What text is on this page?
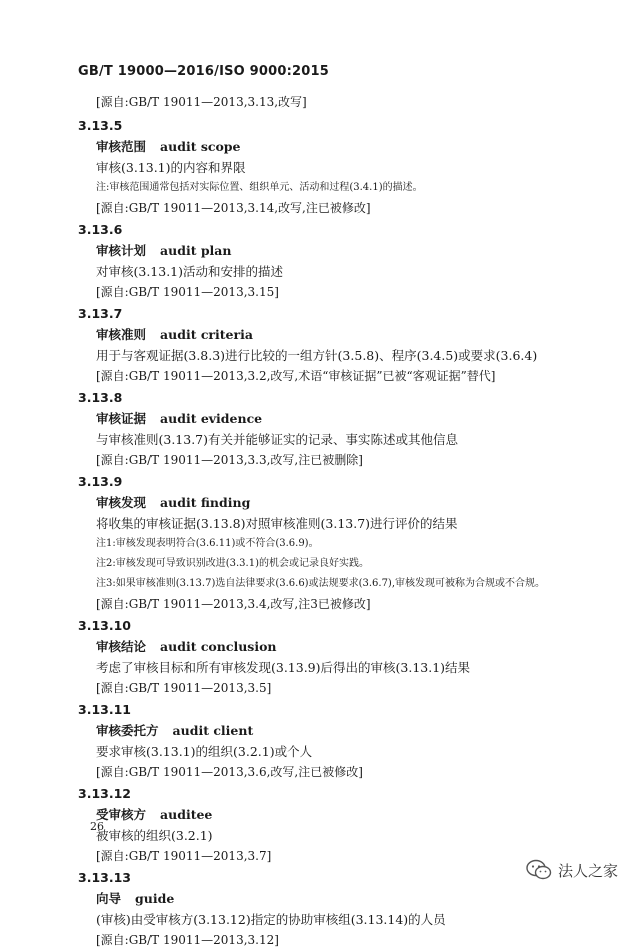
GB/T 19000—2016/ISO 9000:2015
[源自:GB/T 19011—2013,3.13,改写]
3.13.5
审核范围 audit scope
审核(3.13.1)的内容和界限
注:审核范围通常包括对实际位置、组织单元、活动和过程(3.4.1)的描述。
[源自:GB/T 19011—2013,3.14,改写,注已被修改]
3.13.6
审核计划 audit plan
对审核(3.13.1)活动和安排的描述
[源自:GB/T 19011—2013,3.15]
3.13.7
审核准则 audit criteria
用于与客观证据(3.8.3)进行比较的一组方针(3.5.8)、程序(3.4.5)或要求(3.6.4)
[源自:GB/T 19011—2013,3.2,改写,术语“审核证据”已被“客观证据”替代]
3.13.8
审核证据 audit evidence
与审核准则(3.13.7)有关并能够证实的记录、事实陈述或其他信息
[源自:GB/T 19011—2013,3.3,改写,注已被删除]
3.13.9
审核发现 audit finding
将收集的审核证据(3.13.8)对照审核准则(3.13.7)进行评价的结果
注1:审核发现表明符合(3.6.11)或不符合(3.6.9)。
注2:审核发现可导致识别改进(3.3.1)的机会或记录良好实践。
注3:如果审核准则(3.13.7)选自法律要求(3.6.6)或法规要求(3.6.7),审核发现可被称为合规或不合规。
[源自:GB/T 19011—2013,3.4,改写,注3已被修改]
3.13.10
审核结论 audit conclusion
考虑了审核目标和所有审核发现(3.13.9)后得出的审核(3.13.1)结果
[源自:GB/T 19011—2013,3.5]
3.13.11
审核委托方 audit client
要求审核(3.13.1)的组织(3.2.1)或个人
[源自:GB/T 19011—2013,3.6,改写,注已被修改]
3.13.12
受审核方 auditee
被审核的组织(3.2.1)
[源自:GB/T 19011—2013,3.7]
3.13.13
向导 guide
(审核)由受审核方(3.13.12)指定的协助审核组(3.13.14)的人员
[源自:GB/T 19011—2013,3.12]
26
法人之家
